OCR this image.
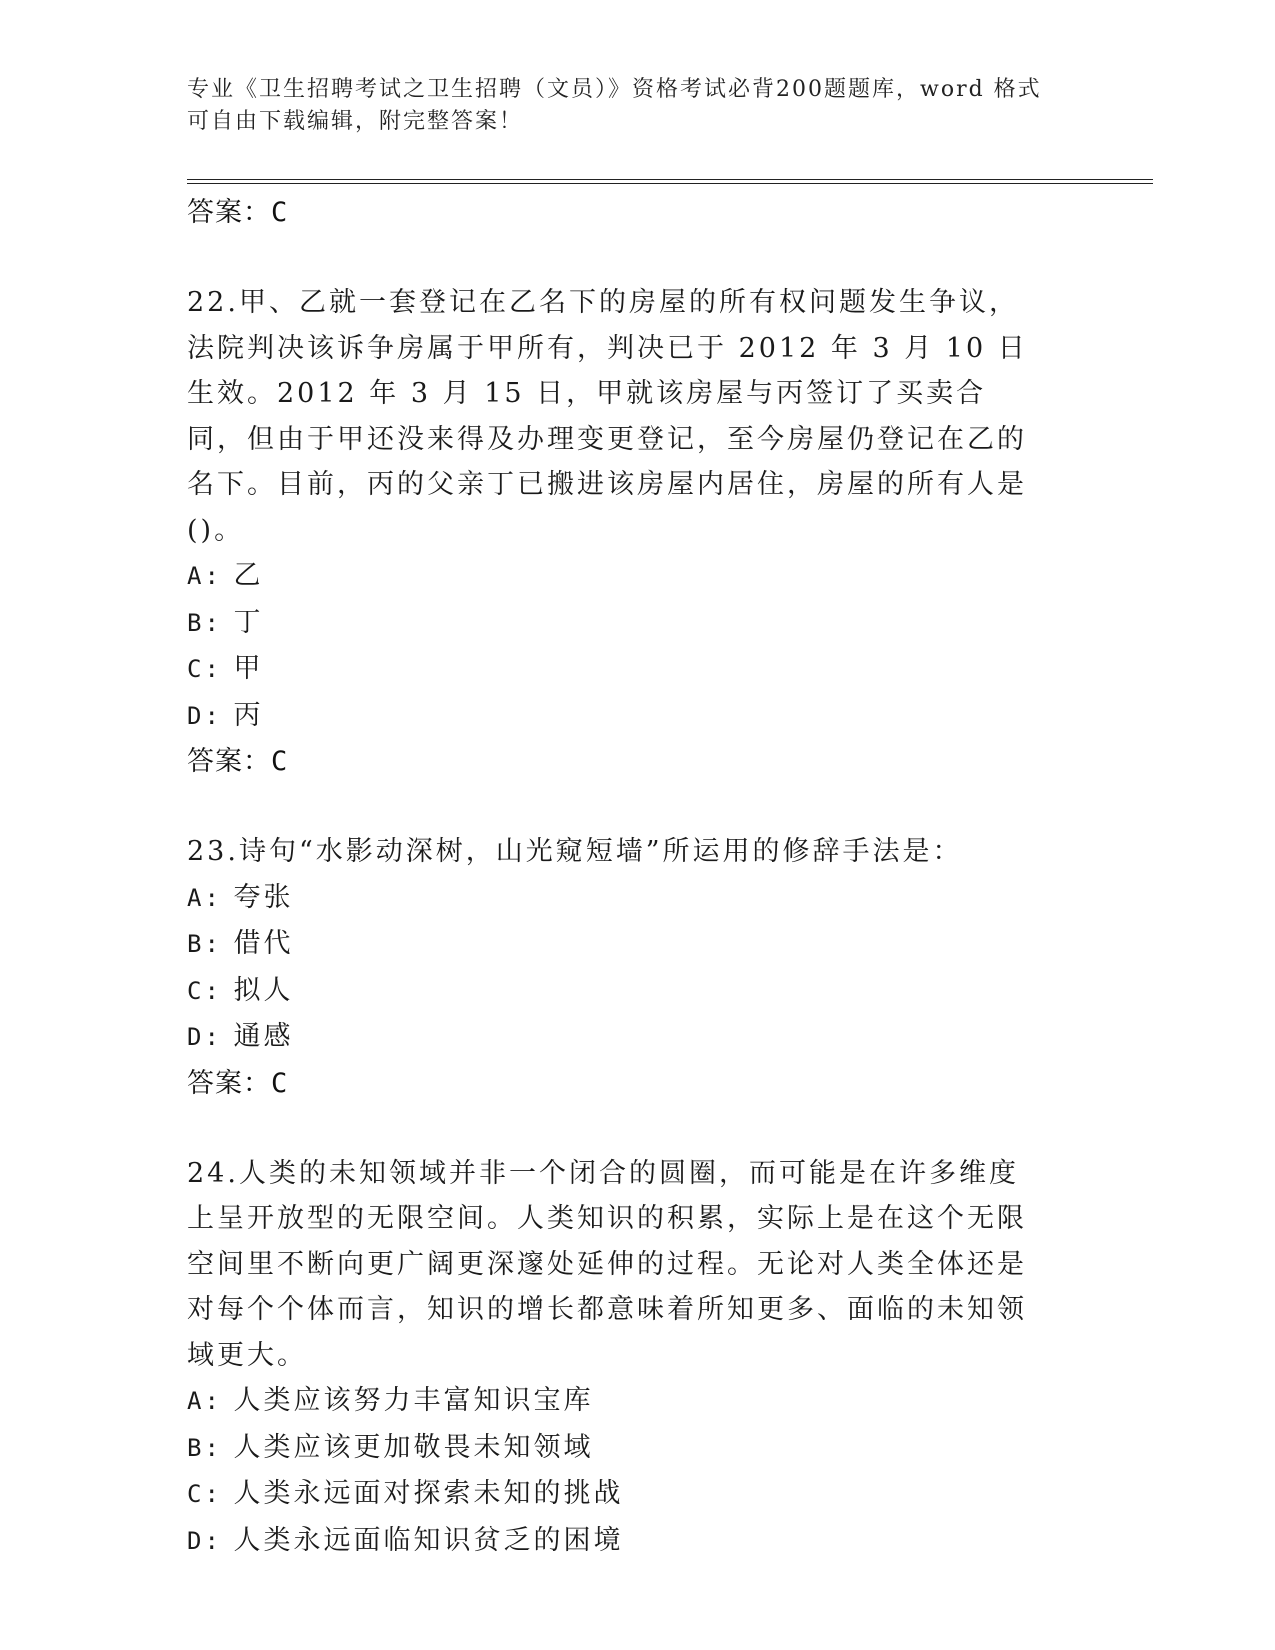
专业《卫生招聘考试之卫生招聘（文员）》资格考试必背200题题库，word 格式
可自由下载编辑，附完整答案！
答案：C

22.甲、乙就一套登记在乙名下的房屋的所有权问题发生争议，法院判决该诉争房属于甲所有，判决已于 2012 年 3 月 10 日生效。2012 年 3 月 15 日，甲就该房屋与丙签订了买卖合同，但由于甲还没来得及办理变更登记，至今房屋仍登记在乙的名下。目前，丙的父亲丁已搬进该房屋内居住，房屋的所有人是()。

A: 乙
B: 丁
C: 甲
D: 丙
答案：C

23.诗句“水影动深树，山光窥短墙”所运用的修辞手法是：

A: 夸张
B: 借代
C: 拟人
D: 通感
答案：C

24.人类的未知领域并非一个闭合的圆圈，而可能是在许多维度上呈开放型的无限空间。人类知识的积累，实际上是在这个无限空间里不断向更广阔更深邃处延伸的过程。无论对人类全体还是对每个个体而言，知识的增长都意味着所知更多、面临的未知领域更大。

A: 人类应该努力丰富知识宝库
B: 人类应该更加敬畏未知领域
C: 人类永远面对探索未知的挑战
D: 人类永远面临知识贫乏的困境
